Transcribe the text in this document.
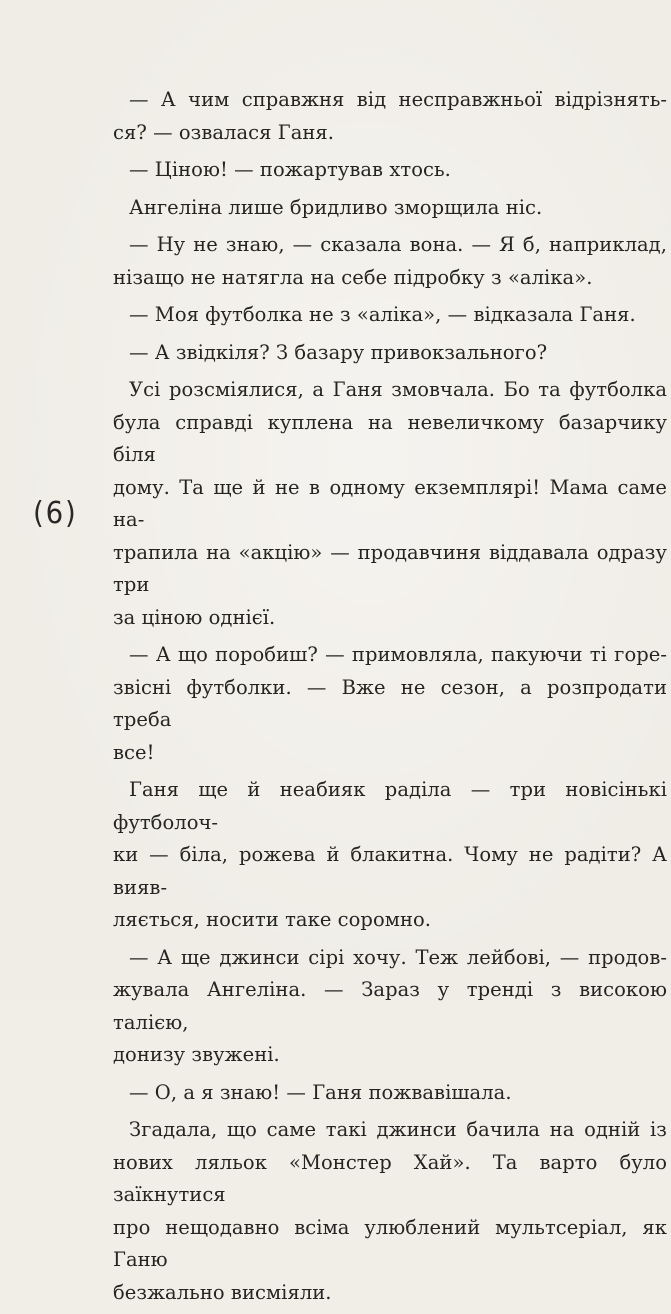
(6)

— А чим справжня від несправжньої відрізнять-
ся? — озвалася Ганя.

— Ціною! — пожартував хтось.

Ангеліна лише бридливо зморщила ніс.

— Ну не знаю, — сказала вона. — Я б, наприклад,
нізащо не натягла на себе підробку з «аліка».

— Моя футболка не з «аліка», — відказала Ганя.

— А звідкіля? З базару привокзального?

Усі розсміялися, а Ганя змовчала. Бо та футболка
була справді куплена на невеличкому базарчику біля
дому. Та ще й не в одному екземплярі! Мама саме на-
трапила на «акцію» — продавчиня віддавала одразу три
за ціною однієї.

— А що поробиш? — примовляла, пакуючи ті горе-
звісні футболки. — Вже не сезон, а розпродати треба
все!

Ганя ще й неабияк раділа — три новісінькі футболоч-
ки — біла, рожева й блакитна. Чому не радіти? А вияв-
ляється, носити таке соромно.

— А ще джинси сірі хочу. Теж лейбові, — продов-
жувала Ангеліна. — Зараз у тренді з високою талією,
донизу звужені.

— О, а я знаю! — Ганя пожвавішала.

Згадала, що саме такі джинси бачила на одній із
нових ляльок «Монстер Хай». Та варто було заїкнутися
про нещодавно всіма улюблений мультсеріал, як Ганю
безжально висміяли.
